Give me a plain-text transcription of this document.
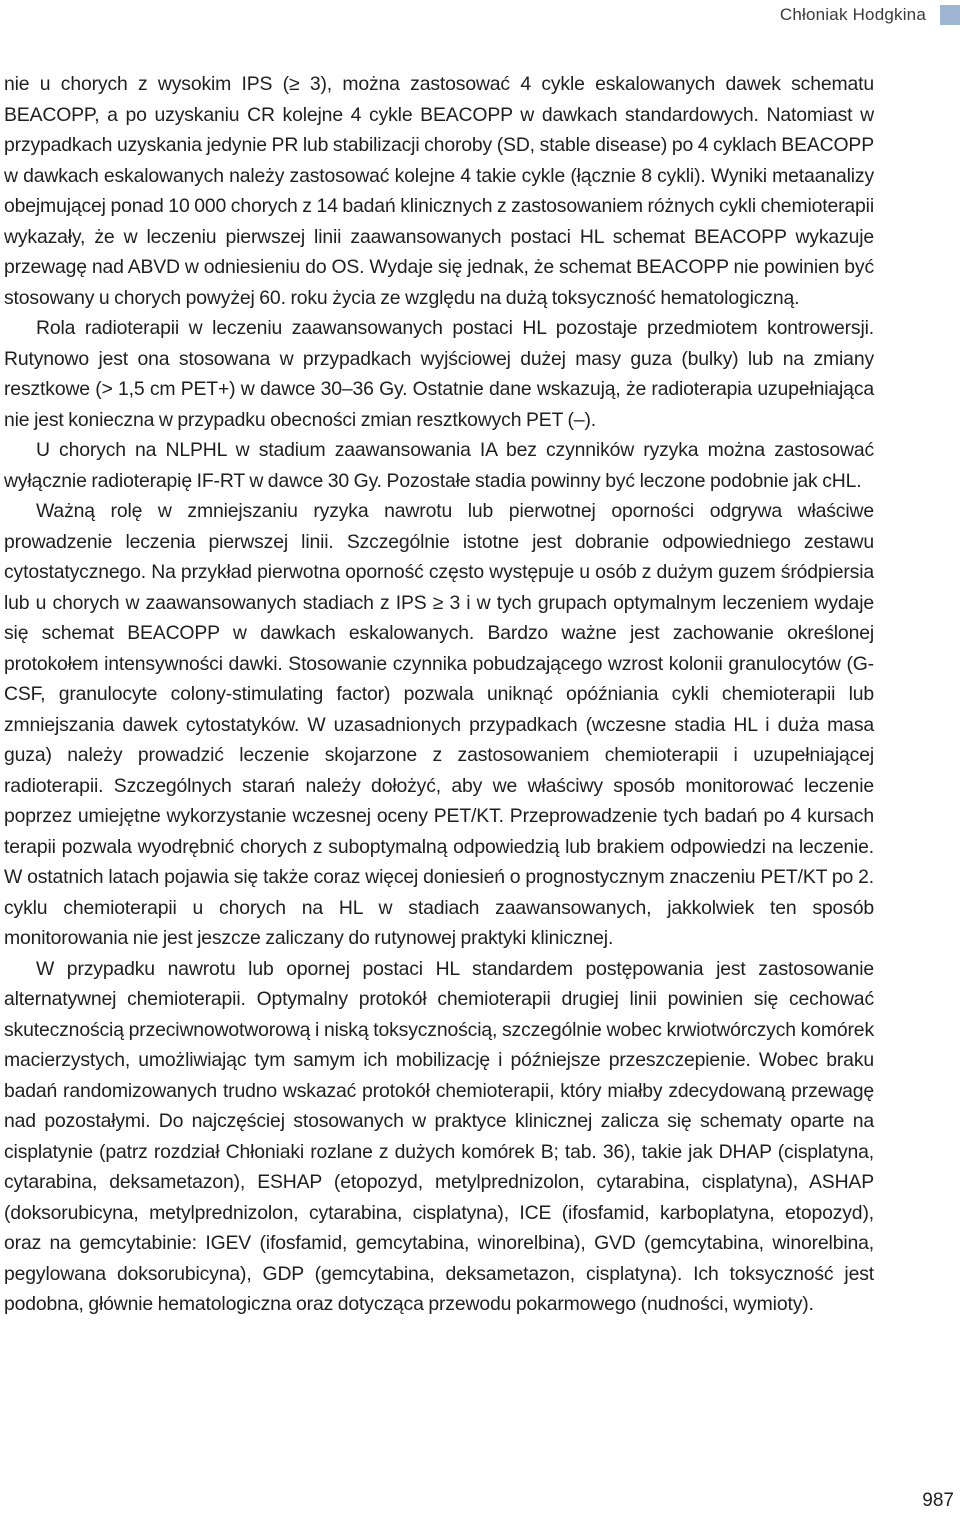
Chłoniak Hodgkina

nie u chorych z wysokim IPS (≥ 3), można zastosować 4 cykle eskalowanych dawek schematu BEACOPP, a po uzyskaniu CR kolejne 4 cykle BEACOPP w dawkach standardowych. Natomiast w przypadkach uzyskania jedynie PR lub stabilizacji choroby (SD, stable disease) po 4 cyklach BEACOPP w dawkach eskalowanych należy zastosować kolejne 4 takie cykle (łącznie 8 cykli). Wyniki metaanalizy obejmującej ponad 10 000 chorych z 14 badań klinicznych z zastosowaniem różnych cykli chemioterapii wykazały, że w leczeniu pierwszej linii zaawansowanych postaci HL schemat BEACOPP wykazuje przewagę nad ABVD w odniesieniu do OS. Wydaje się jednak, że schemat BEACOPP nie powinien być stosowany u chorych powyżej 60. roku życia ze względu na dużą toksyczność hematologiczną.

Rola radioterapii w leczeniu zaawansowanych postaci HL pozostaje przedmiotem kontrowersji. Rutynowo jest ona stosowana w przypadkach wyjściowej dużej masy guza (bulky) lub na zmiany resztkowe (> 1,5 cm PET+) w dawce 30–36 Gy. Ostatnie dane wskazują, że radioterapia uzupełniająca nie jest konieczna w przypadku obecności zmian resztkowych PET (–).

U chorych na NLPHL w stadium zaawansowania IA bez czynników ryzyka można zastosować wyłącznie radioterapię IF-RT w dawce 30 Gy. Pozostałe stadia powinny być leczone podobnie jak cHL.

Ważną rolę w zmniejszaniu ryzyka nawrotu lub pierwotnej oporności odgrywa właściwe prowadzenie leczenia pierwszej linii. Szczególnie istotne jest dobranie odpowiedniego zestawu cytostatycznego. Na przykład pierwotna oporność często występuje u osób z dużym guzem śródpiersia lub u chorych w zaawansowanych stadiach z IPS ≥ 3 i w tych grupach optymalnym leczeniem wydaje się schemat BEACOPP w dawkach eskalowanych. Bardzo ważne jest zachowanie określonej protokołem intensywności dawki. Stosowanie czynnika pobudzającego wzrost kolonii granulocytów (G-CSF, granulocyte colony-stimulating factor) pozwala uniknąć opóźniania cykli chemioterapii lub zmniejszania dawek cytostatyków. W uzasadnionych przypadkach (wczesne stadia HL i duża masa guza) należy prowadzić leczenie skojarzone z zastosowaniem chemioterapii i uzupełniającej radioterapii. Szczególnych starań należy dołożyć, aby we właściwy sposób monitorować leczenie poprzez umiejętne wykorzystanie wczesnej oceny PET/KT. Przeprowadzenie tych badań po 4 kursach terapii pozwala wyodrębnić chorych z suboptymalną odpowiedzią lub brakiem odpowiedzi na leczenie. W ostatnich latach pojawia się także coraz więcej doniesień o prognostycznym znaczeniu PET/KT po 2. cyklu chemioterapii u chorych na HL w stadiach zaawansowanych, jakkolwiek ten sposób monitorowania nie jest jeszcze zaliczany do rutynowej praktyki klinicznej.

W przypadku nawrotu lub opornej postaci HL standardem postępowania jest zastosowanie alternatywnej chemioterapii. Optymalny protokół chemioterapii drugiej linii powinien się cechować skutecznością przeciwnowotworową i niską toksycznością, szczególnie wobec krwiotwórczych komórek macierzystych, umożliwiając tym samym ich mobilizację i późniejsze przeszczepienie. Wobec braku badań randomizowanych trudno wskazać protokół chemioterapii, który miałby zdecydowaną przewagę nad pozostałymi. Do najczęściej stosowanych w praktyce klinicznej zalicza się schematy oparte na cisplatynie (patrz rozdział Chłoniaki rozlane z dużych komórek B; tab. 36), takie jak DHAP (cisplatyna, cytarabina, deksametazon), ESHAP (etopozyd, metylprednizolon, cytarabina, cisplatyna), ASHAP (doksorubicyna, metylprednizolon, cytarabina, cisplatyna), ICE (ifosfamid, karboplatyna, etopozyd), oraz na gemcytabinie: IGEV (ifosfamid, gemcytabina, winorelbina), GVD (gemcytabina, winorelbina, pegylowana doksorubicyna), GDP (gemcytabina, deksametazon, cisplatyna). Ich toksyczność jest podobna, głównie hematologiczna oraz dotycząca przewodu pokarmowego (nudności, wymioty).

987
